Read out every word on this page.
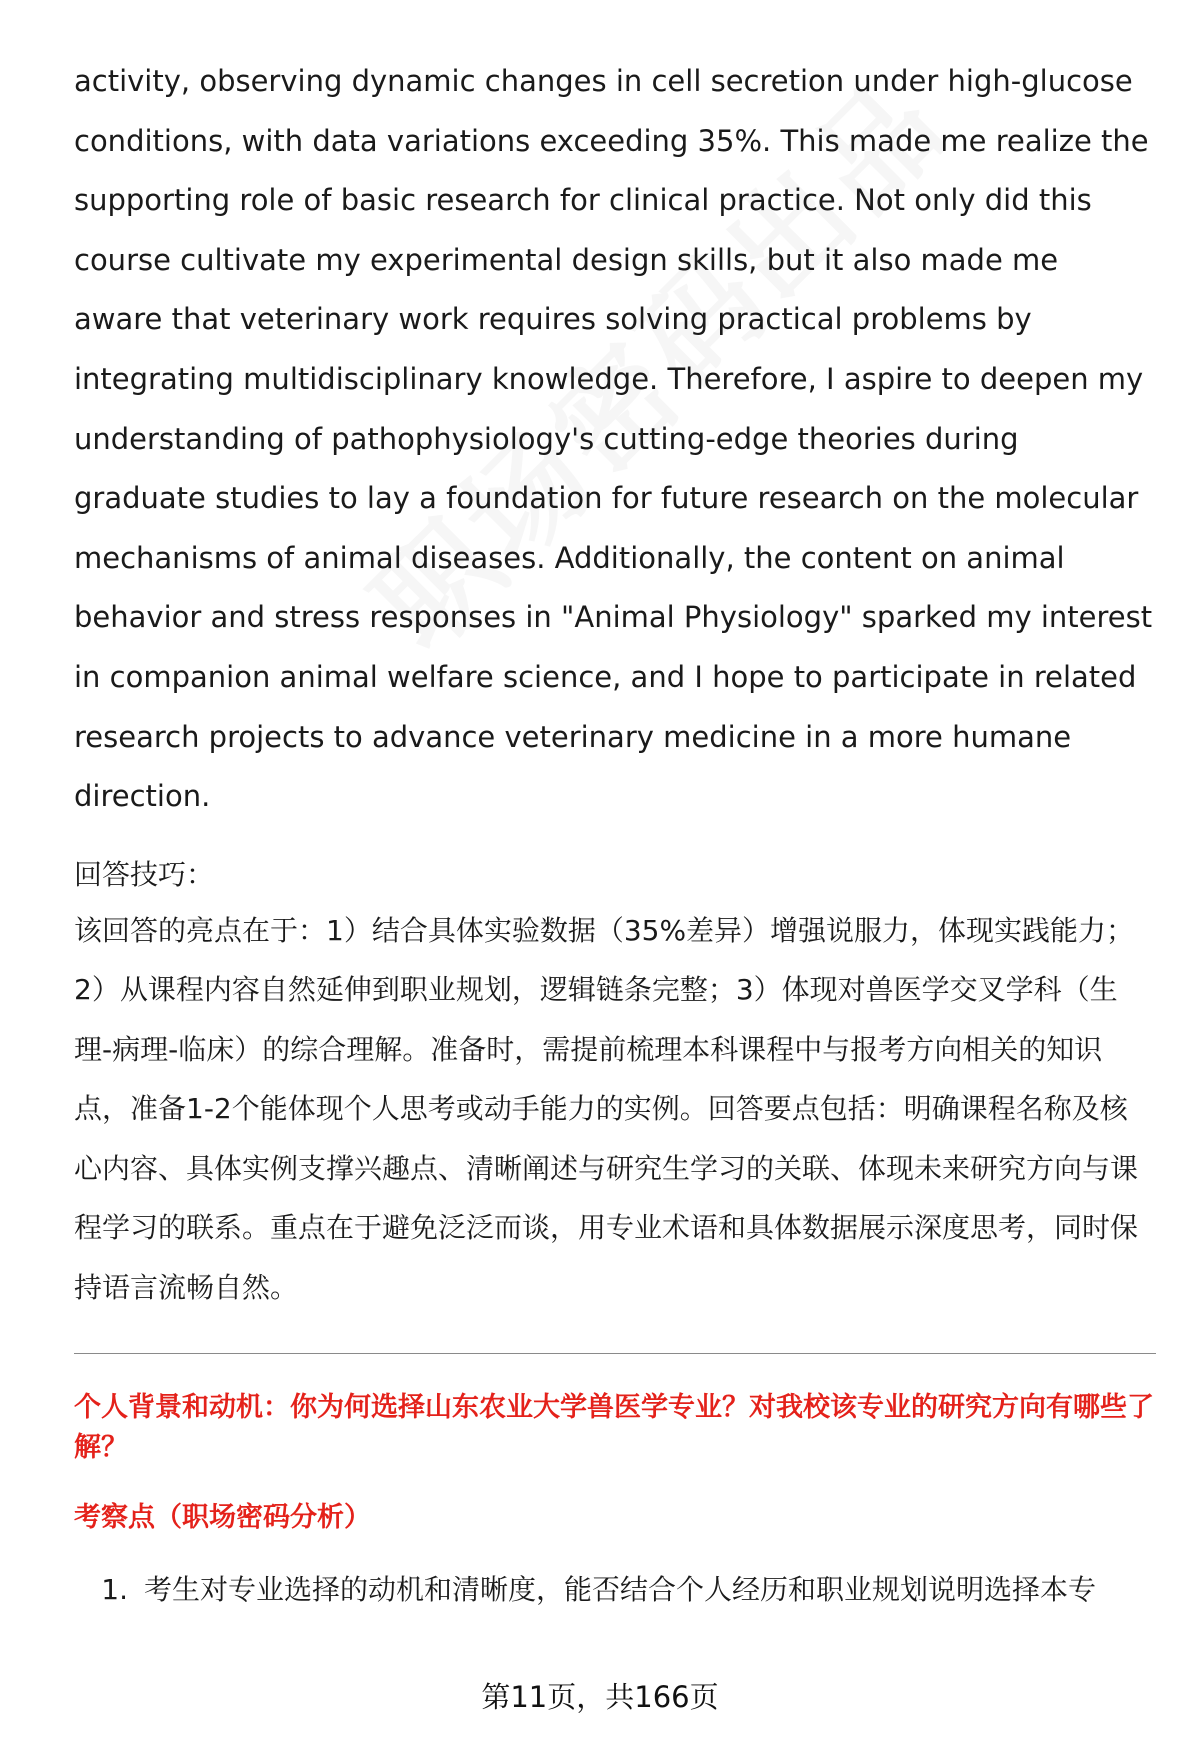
activity, observing dynamic changes in cell secretion under high-glucose conditions, with data variations exceeding 35%. This made me realize the supporting role of basic research for clinical practice. Not only did this course cultivate my experimental design skills, but it also made me aware that veterinary work requires solving practical problems by integrating multidisciplinary knowledge. Therefore, I aspire to deepen my understanding of pathophysiology's cutting-edge theories during graduate studies to lay a foundation for future research on the molecular mechanisms of animal diseases. Additionally, the content on animal behavior and stress responses in "Animal Physiology" sparked my interest in companion animal welfare science, and I hope to participate in related research projects to advance veterinary medicine in a more humane direction.

回答技巧：
该回答的亮点在于：1）结合具体实验数据（35%差异）增强说服力，体现实践能力；2）从课程内容自然延伸到职业规划，逻辑链条完整；3）体现对兽医学交叉学科（生理-病理-临床）的综合理解。准备时，需提前梳理本科课程中与报考方向相关的知识点，准备1-2个能体现个人思考或动手能力的实例。回答要点包括：明确课程名称及核心内容、具体实例支撑兴趣点、清晰阐述与研究生学习的关联、体现未来研究方向与课程学习的联系。重点在于避免泛泛而谈，用专业术语和具体数据展示深度思考，同时保持语言流畅自然。
个人背景和动机：你为何选择山东农业大学兽医学专业？对我校该专业的研究方向有哪些了解？
考察点（职场密码分析）
1. 考生对专业选择的动机和清晰度，能否结合个人经历和职业规划说明选择本专
第11页，共166页
